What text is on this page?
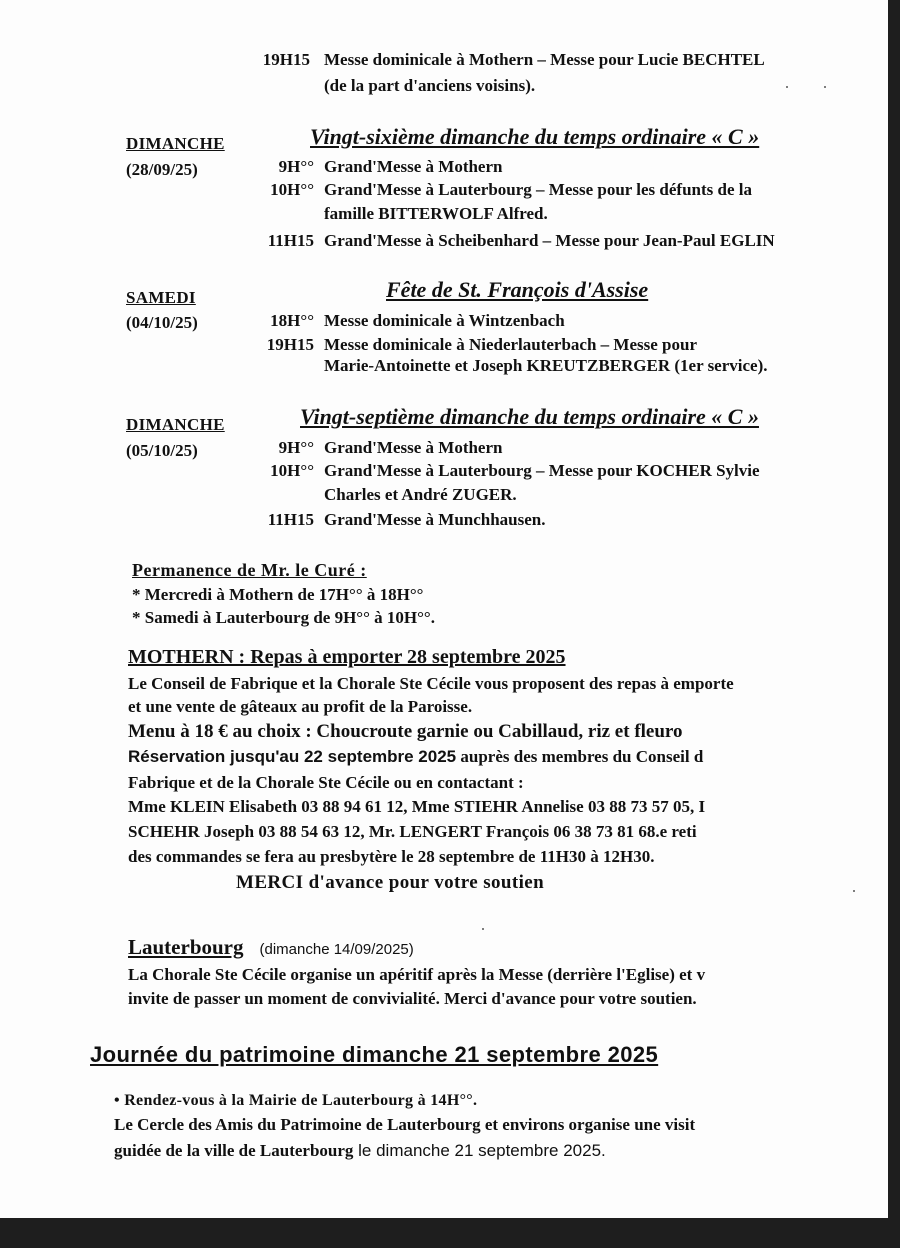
19H15 Messe dominicale à Mothern – Messe pour Lucie BECHTEL
(de la part d'anciens voisins).
DIMANCHE	Vingt-sixième dimanche du temps ordinaire « C »
(28/09/25)	9H°° Grand'Messe à Mothern
10H°° Grand'Messe à Lauterbourg – Messe pour les défunts de la
famille BITTERWOLF Alfred.
11H15 Grand'Messe à Scheibenhard – Messe pour Jean-Paul EGLIN
SAMEDI	Fête de St. François d'Assise
(04/10/25)	18H°° Messe dominicale à Wintzenbach
19H15 Messe dominicale à Niederlauterbach – Messe pour
Marie-Antoinette et Joseph KREUTZBERGER (1er service).
DIMANCHE	Vingt-septième dimanche du temps ordinaire « C »
(05/10/25)	9H°° Grand'Messe à Mothern
10H°° Grand'Messe à Lauterbourg – Messe pour KOCHER Sylvie
Charles et André ZUGER.
11H15 Grand'Messe à Munchhausen.
Permanence de Mr. le Curé :
* Mercredi à Mothern de 17H°° à 18H°°
* Samedi à Lauterbourg de 9H°° à 10H°°.
MOTHERN : Repas à emporter 28 septembre 2025
Le Conseil de Fabrique et la Chorale Ste Cécile vous proposent des repas à emporte
et une vente de gâteaux au profit de la Paroisse.
Menu à 18 € au choix : Choucroute garnie ou Cabillaud, riz et fleuro
Réservation jusqu'au 22 septembre 2025 auprès des membres du Conseil d
Fabrique et de la Chorale Ste Cécile ou en contactant :
Mme KLEIN Elisabeth 03 88 94 61 12, Mme STIEHR Annelise 03 88 73 57 05, I
SCHEHR Joseph 03 88 54 63 12, Mr. LENGERT François 06 38 73 81 68.e reti
des commandes se fera au presbytère le 28 septembre de 11H30 à 12H30.
MERCI d'avance pour votre soutien
Lauterbourg (dimanche 14/09/2025)
La Chorale Ste Cécile organise un apéritif après la Messe (derrière l'Eglise) et v
invite de passer un moment de convivialité. Merci d'avance pour votre soutien.
Journée du patrimoine dimanche 21 septembre 2025
• Rendez-vous à la Mairie de Lauterbourg à 14H°°.
Le Cercle des Amis du Patrimoine de Lauterbourg et environs organise une visit
guidée de la ville de Lauterbourg le dimanche 21 septembre 2025.
